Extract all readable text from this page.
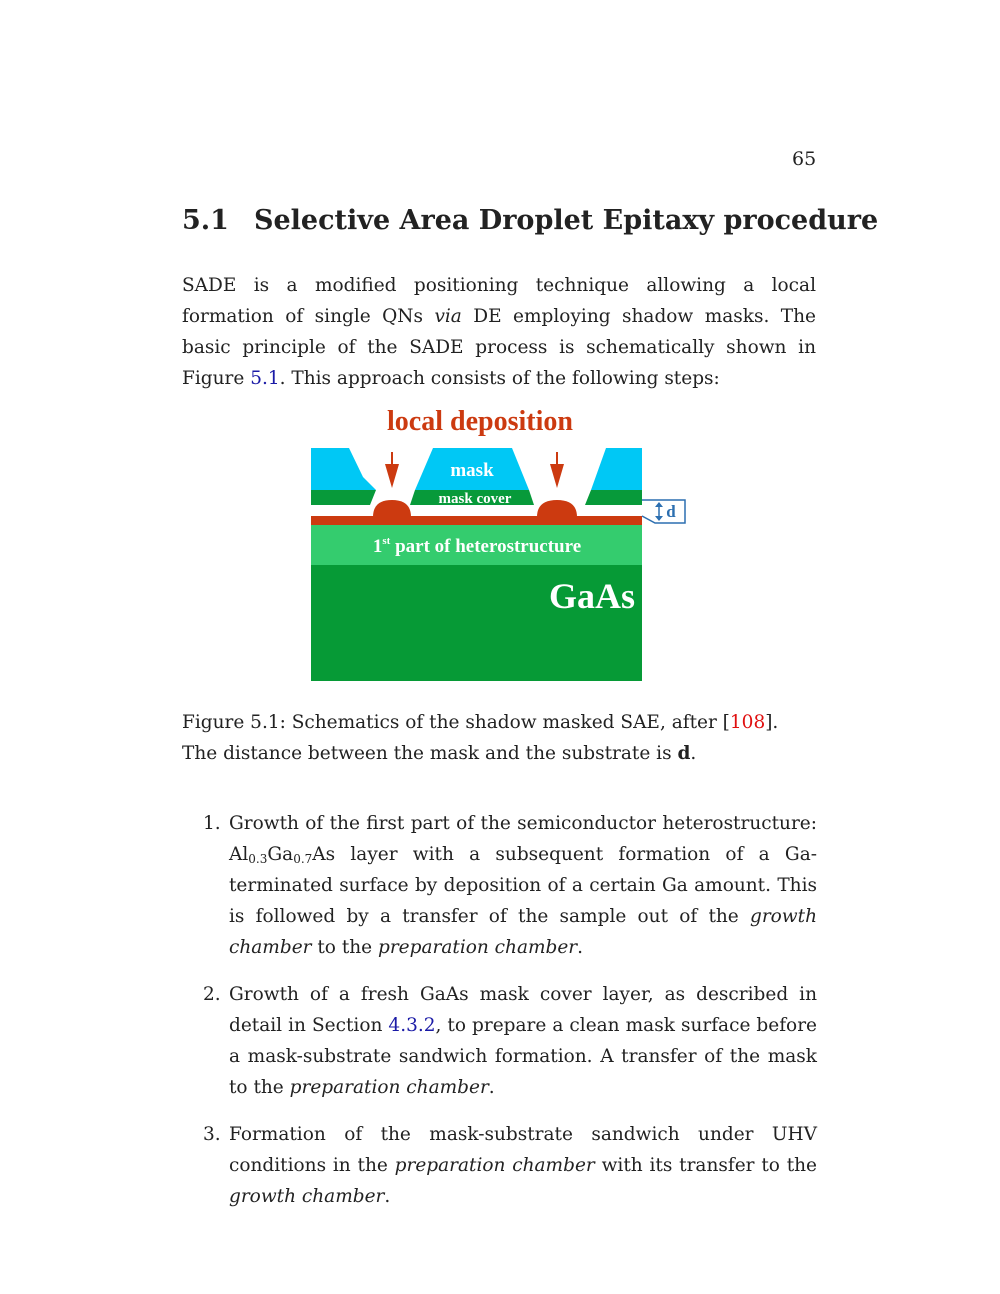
65
5.1 Selective Area Droplet Epitaxy procedure

SADE is a modified positioning technique allowing a local formation of single QNs via DE employing shadow masks. The basic principle of the SADE process is schematically shown in Figure 5.1. This approach consists of the following steps:

local deposition
mask
mask cover
1st part of heterostructure
GaAs
d

Figure 5.1: Schematics of the shadow masked SAE, after [108]. The distance between the mask and the substrate is d.

1. Growth of the first part of the semiconductor heterostructure: $Al_{0.3}Ga_{0.7}As$ layer with a subsequent formation of a Ga-terminated surface by deposition of a certain Ga amount. This is followed by a transfer of the sample out of the growth chamber to the preparation chamber.
2. Growth of a fresh GaAs mask cover layer, as described in detail in Section 4.3.2, to prepare a clean mask surface before a mask-substrate sandwich formation. A transfer of the mask to the preparation chamber.
3. Formation of the mask-substrate sandwich under UHV conditions in the preparation chamber with its transfer to the growth chamber.
